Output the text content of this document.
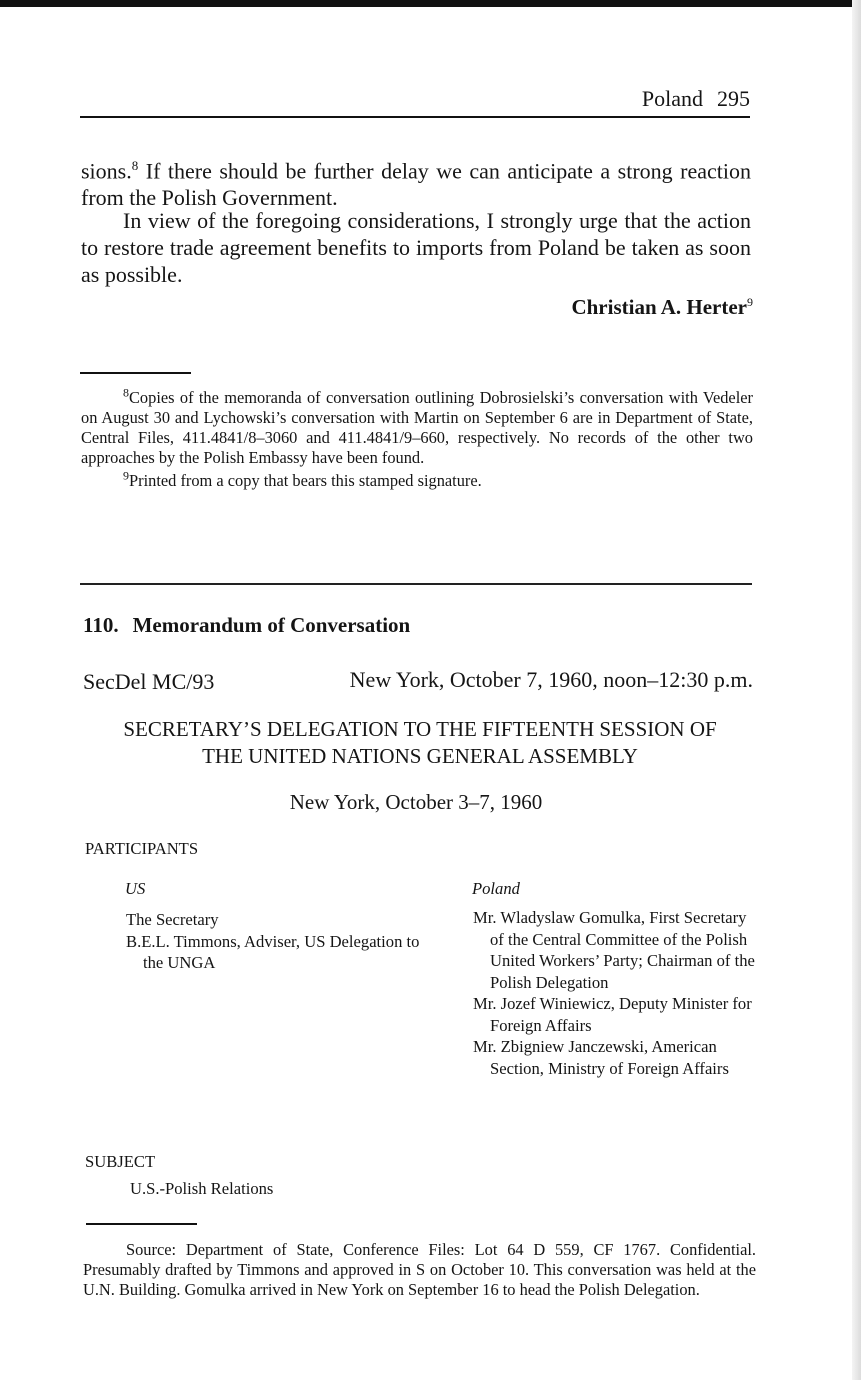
Poland 295
sions.$^8$ If there should be further delay we can anticipate a strong reaction from the Polish Government.
In view of the foregoing considerations, I strongly urge that the action to restore trade agreement benefits to imports from Poland be taken as soon as possible.
Christian A. Herter$^9$
$^8$Copies of the memoranda of conversation outlining Dobrosielski’s conversation with Vedeler on August 30 and Lychowski’s conversation with Martin on September 6 are in Department of State, Central Files, 411.4841/8–3060 and 411.4841/9–660, respectively. No records of the other two approaches by the Polish Embassy have been found.
$^9$Printed from a copy that bears this stamped signature.
110. Memorandum of Conversation
SecDel MC/93	New York, October 7, 1960, noon–12:30 p.m.
SECRETARY’S DELEGATION TO THE FIFTEENTH SESSION OF
THE UNITED NATIONS GENERAL ASSEMBLY
New York, October 3–7, 1960
PARTICIPANTS
US	Poland

The Secretary

B.E.L. Timmons, Adviser, US Delegation to the UNGA

Mr. Wladyslaw Gomulka, First Secretary of the Central Committee of the Polish United Workers’ Party; Chairman of the Polish Delegation

Mr. Jozef Winiewicz, Deputy Minister for Foreign Affairs

Mr. Zbigniew Janczewski, American Section, Ministry of Foreign Affairs

SUBJECT
U.S.-Polish Relations
Source: Department of State, Conference Files: Lot 64 D 559, CF 1767. Confidential. Presumably drafted by Timmons and approved in S on October 10. This conversation was held at the U.N. Building. Gomulka arrived in New York on September 16 to head the Polish Delegation.
